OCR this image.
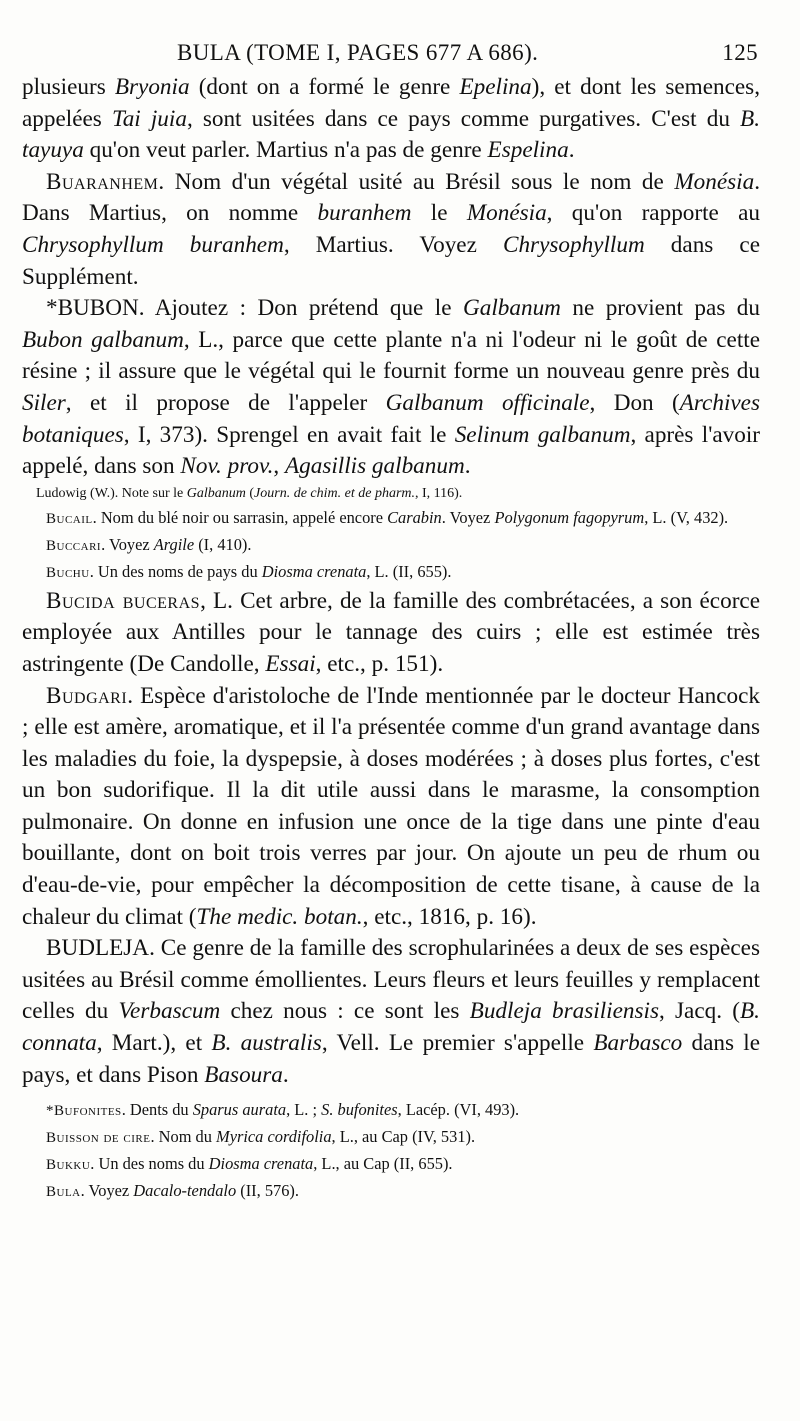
BULA (TOME I, PAGES 677 A 686).	125

plusieurs Bryonia (dont on a formé le genre Epelina), et dont les semences, appelées Tai juia, sont usitées dans ce pays comme purgatives. C'est du B. tayuya qu'on veut parler. Martius n'a pas de genre Espelina.

Buaranhem. Nom d'un végétal usité au Brésil sous le nom de Monésia. Dans Martius, on nomme buranhem le Monésia, qu'on rapporte au Chrysophyllum buranhem, Martius. Voyez Chrysophyllum dans ce Supplément.

*BUBON. Ajoutez : Don prétend que le Galbanum ne provient pas du Bubon galbanum, L., parce que cette plante n'a ni l'odeur ni le goût de cette résine ; il assure que le végétal qui le fournit forme un nouveau genre près du Siler, et il propose de l'appeler Galbanum officinale, Don (Archives botaniques, I, 373). Sprengel en avait fait le Selinum galbanum, après l'avoir appelé, dans son Nov. prov., Agasillis galbanum.

Ludowig (W.). Note sur le Galbanum (Journ. de chim. et de pharm., I, 116).

Bucail. Nom du blé noir ou sarrasin, appelé encore Carabin. Voyez Polygonum fagopyrum, L. (V, 432).

Buccari. Voyez Argile (I, 410).

Buchu. Un des noms de pays du Diosma crenata, L. (II, 655).

Bucida buceras, L. Cet arbre, de la famille des combrétacées, a son écorce employée aux Antilles pour le tannage des cuirs ; elle est estimée très astringente (De Candolle, Essai, etc., p. 151).

Budgari. Espèce d'aristoloche de l'Inde mentionnée par le docteur Hancock ; elle est amère, aromatique, et il l'a présentée comme d'un grand avantage dans les maladies du foie, la dyspepsie, à doses modérées ; à doses plus fortes, c'est un bon sudorifique. Il la dit utile aussi dans le marasme, la consomption pulmonaire. On donne en infusion une once de la tige dans une pinte d'eau bouillante, dont on boit trois verres par jour. On ajoute un peu de rhum ou d'eau-de-vie, pour empêcher la décomposition de cette tisane, à cause de la chaleur du climat (The medic. botan., etc., 1816, p. 16).

BUDLEJA. Ce genre de la famille des scrophularinées a deux de ses espèces usitées au Brésil comme émollientes. Leurs fleurs et leurs feuilles y remplacent celles du Verbascum chez nous : ce sont les Budleja brasiliensis, Jacq. (B. connata, Mart.), et B. australis, Vell. Le premier s'appelle Barbasco dans le pays, et dans Pison Basoura.

*Bufonites. Dents du Sparus aurata, L. ; S. bufonites, Lacép. (VI, 493).

Buisson de cire. Nom du Myrica cordifolia, L., au Cap (IV, 531).

Bukku. Un des noms du Diosma crenata, L., au Cap (II, 655).

Bula. Voyez Dacalo-tendalo (II, 576).
